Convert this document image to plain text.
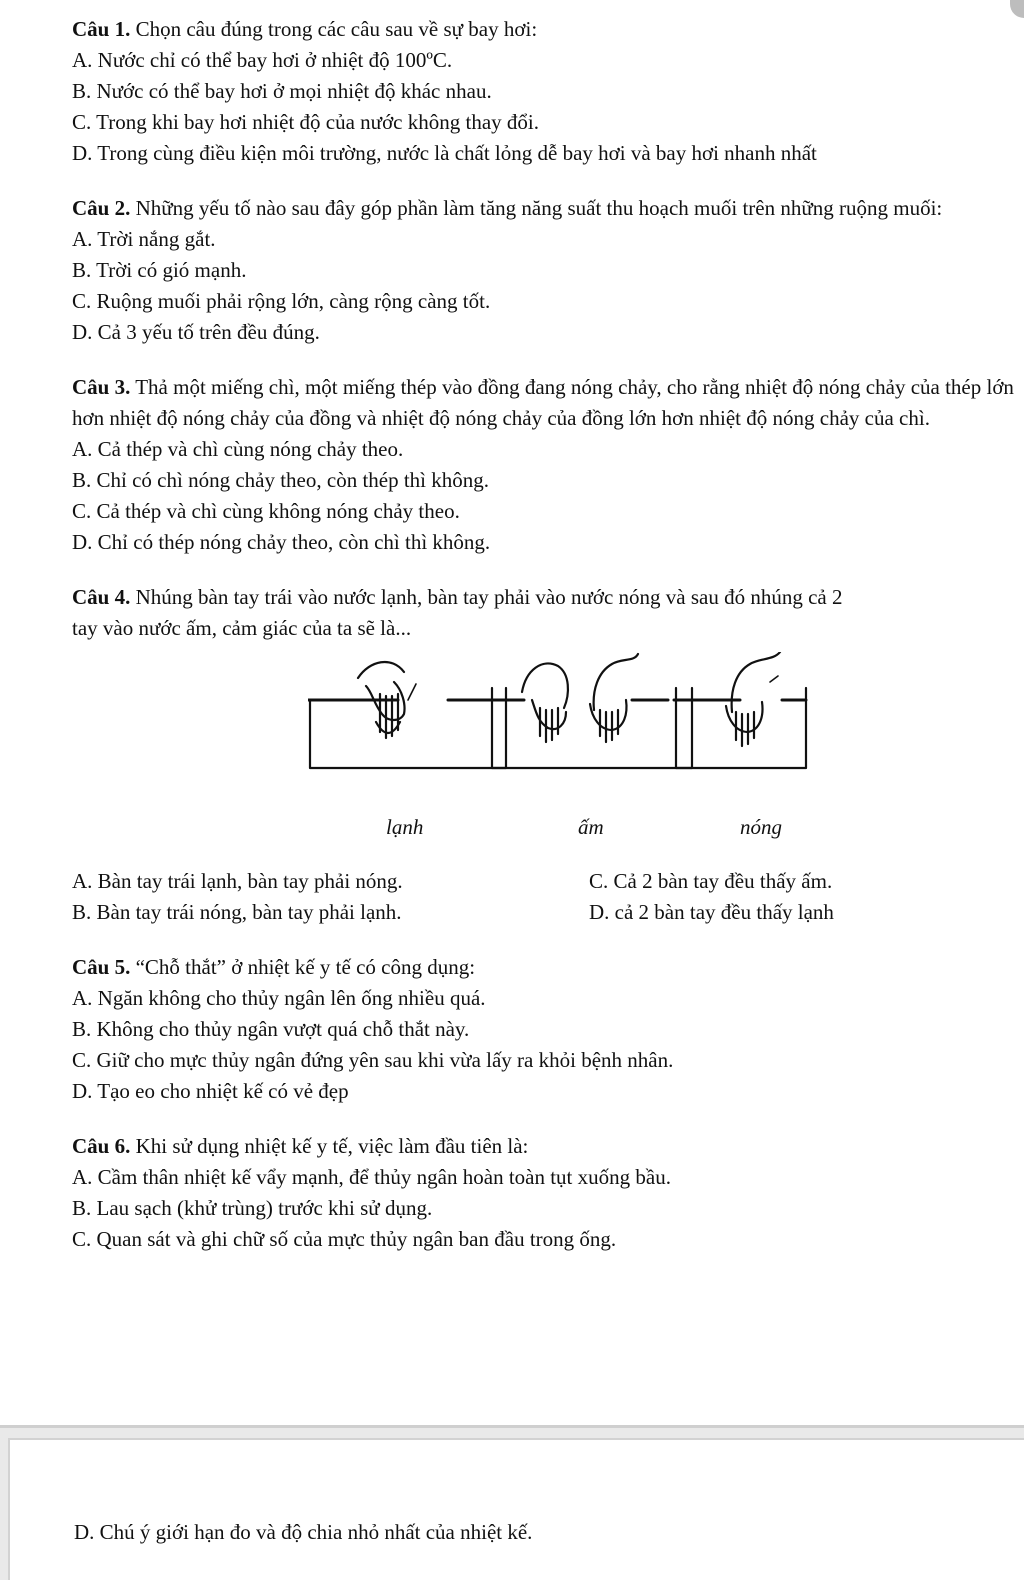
Câu 1. Chọn câu đúng trong các câu sau về sự bay hơi:

A. Nước chỉ có thể bay hơi ở nhiệt độ 100ºC.

B. Nước có thể bay hơi ở mọi nhiệt độ khác nhau.

C. Trong khi bay hơi nhiệt độ của nước không thay đổi.

D. Trong cùng điều kiện môi trường, nước là chất lỏng dễ bay hơi và bay hơi nhanh nhất

Câu 2. Những yếu tố nào sau đây góp phần làm tăng năng suất thu hoạch muối trên những ruộng muối:

A. Trời nắng gắt.

B. Trời có gió mạnh.

C. Ruộng muối phải rộng lớn, càng rộng càng tốt.

D. Cả 3 yếu tố trên đều đúng.

Câu 3. Thả một miếng chì, một miếng thép vào đồng đang nóng chảy, cho rằng nhiệt độ nóng chảy của thép lớn hơn nhiệt độ nóng chảy của đồng và nhiệt độ nóng chảy của đồng lớn hơn nhiệt độ nóng chảy của chì.

A. Cả thép và chì cùng nóng chảy theo.

B. Chỉ có chì nóng chảy theo, còn thép thì không.

C. Cả thép và chì cùng không nóng chảy theo.

D. Chỉ có thép nóng chảy theo, còn chì thì không.

Câu 4. Nhúng bàn tay trái vào nước lạnh, bàn tay phải vào nước nóng và sau đó nhúng cả 2

tay vào nước ấm, cảm giác của ta sẽ là...

lạnh	ấm	nóng

A. Bàn tay trái lạnh, bàn tay phải nóng.	C. Cả 2 bàn tay đều thấy ấm.

B. Bàn tay trái nóng, bàn tay phải lạnh.	D. cả 2 bàn tay đều thấy lạnh

Câu 5. “Chỗ thắt” ở nhiệt kế y tế có công dụng:

A. Ngăn không cho thủy ngân lên ống nhiều quá.

B. Không cho thủy ngân vượt quá chỗ thắt này.

C. Giữ cho mực thủy ngân đứng yên sau khi vừa lấy ra khỏi bệnh nhân.

D. Tạo eo cho nhiệt kế có vẻ đẹp

Câu 6. Khi sử dụng nhiệt kế y tế, việc làm đầu tiên là:

A. Cầm thân nhiệt kế vẩy mạnh, để thủy ngân hoàn toàn tụt xuống bầu.

B. Lau sạch (khử trùng) trước khi sử dụng.

C. Quan sát và ghi chữ số của mực thủy ngân ban đầu trong ống.

D. Chú ý giới hạn đo và độ chia nhỏ nhất của nhiệt kế.
